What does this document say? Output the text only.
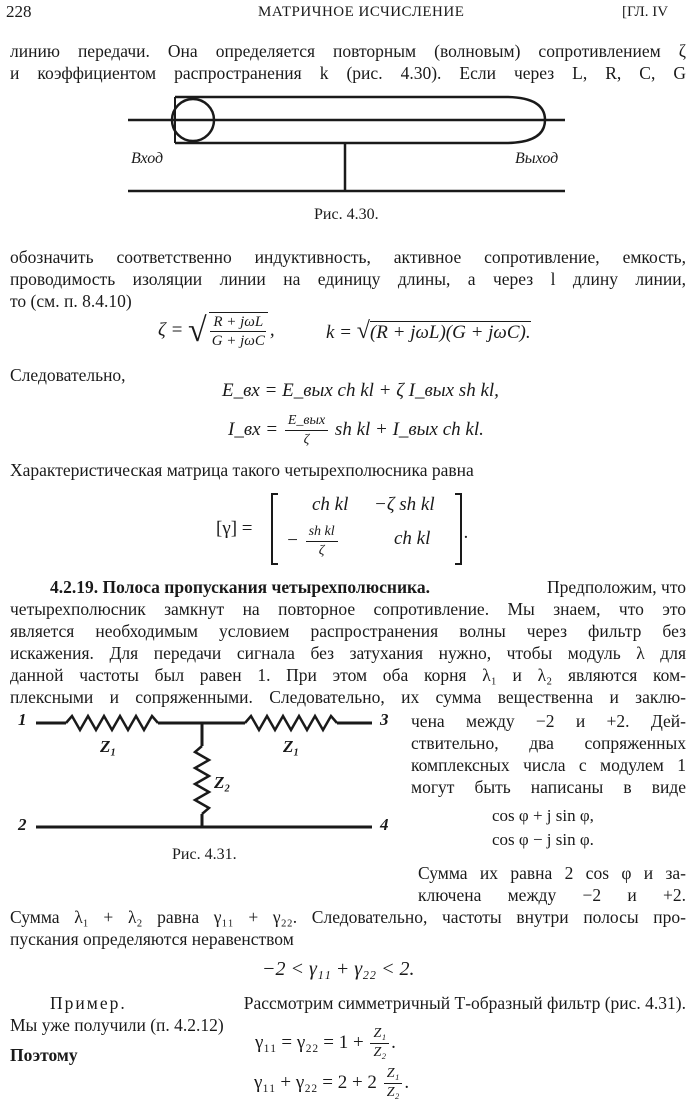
228	МАТРИЧНОЕ ИСЧИСЛЕНИЕ	[ГЛ. IV
линию передачи. Она определяется повторным (волновым) сопротивлением ζ
и коэффициентом распространения k (рис. 4.30). Если через L, R, C, G
Вход	Выход
Рис. 4.30.
обозначить соответственно индуктивность, активное сопротивление, емкость,
проводимость изоляции линии на единицу длины, а через l длину линии,
то (см. п. 8.4.10)
ζ = √ $\frac{\text{R + jωL}}{\text{G + jωC}}$ ,	k = √(R + jωL)(G + jωC).
Следовательно,
E_вх = E_вых ch kl + ζ I_вых sh kl,
I_вх = $\frac{\text{E\_вых}}{\zeta}$ sh kl + I_вых ch kl.
Характеристическая матрица такого четырехполюсника равна
[γ] =
ch kl −ζ sh kl
− $\frac{\text{sh kl}}{\zeta}$	ch kl .
4.2.19. Полоса пропускания четырехполюсника.	Предположим, что
четырехполюсник замкнут на повторное сопротивление. Мы знаем, что это
является необходимым условием распространения волны через фильтр без
искажения. Для передачи сигнала без затухания нужно, чтобы модуль λ для
данной частоты был равен 1. При этом оба корня λ₁ и λ₂ являются ком-
плексными и сопряженными. Следовательно, их сумма вещественна и заклю-
чена между −2 и +2. Дей-
ствительно, два сопряженных
комплексных числа с модулем 1
могут быть написаны в виде
cos φ + j sin φ,
cos φ − j sin φ.
Сумма их равна 2 cos φ и за-
ключена между −2 и +2.
1
2
3
4
Z₁	Z₁
Z₂
Рис. 4.31.
Сумма λ₁ + λ₂ равна γ₁₁ + γ₂₂. Следовательно, частоты внутри полосы про-
пускания определяются неравенством
−2 < γ₁₁ + γ₂₂ < 2.
Пример.	Рассмотрим симметричный Т-образный фильтр (рис. 4.31).
Мы уже получили (п. 4.2.12)
$\gamma_{11} = \gamma_{22} = 1 + \frac{\text{Z₁}}{\text{Z₂}}$ .
Поэтому
$\gamma_{11} + \gamma_{22} = 2 + 2 \frac{\text{Z₁}}{\text{Z₂}}$ .
